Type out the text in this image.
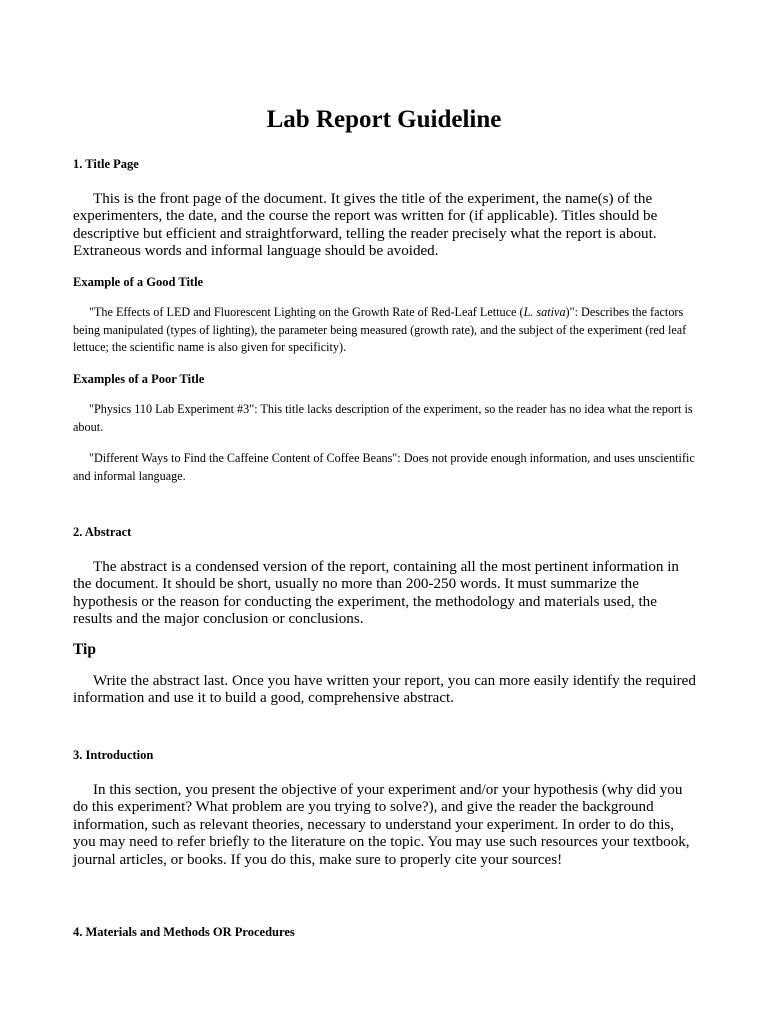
Lab Report Guideline
1. Title Page

This is the front page of the document. It gives the title of the experiment, the name(s) of the experimenters, the date, and the course the report was written for (if applicable). Titles should be descriptive but efficient and straightforward, telling the reader precisely what the report is about. Extraneous words and informal language should be avoided.

Example of a Good Title

"The Effects of LED and Fluorescent Lighting on the Growth Rate of Red-Leaf Lettuce (L. sativa)": Describes the factors being manipulated (types of lighting), the parameter being measured (growth rate), and the subject of the experiment (red leaf lettuce; the scientific name is also given for specificity).

Examples of a Poor Title

"Physics 110 Lab Experiment #3": This title lacks description of the experiment, so the reader has no idea what the report is about.

"Different Ways to Find the Caffeine Content of Coffee Beans": Does not provide enough information, and uses unscientific and informal language.

2. Abstract

The abstract is a condensed version of the report, containing all the most pertinent information in the document. It should be short, usually no more than 200-250 words. It must summarize the hypothesis or the reason for conducting the experiment, the methodology and materials used, the results and the major conclusion or conclusions.

Tip

Write the abstract last. Once you have written your report, you can more easily identify the required information and use it to build a good, comprehensive abstract.

3. Introduction

In this section, you present the objective of your experiment and/or your hypothesis (why did you do this experiment? What problem are you trying to solve?), and give the reader the background information, such as relevant theories, necessary to understand your experiment. In order to do this, you may need to refer briefly to the literature on the topic. You may use such resources your textbook, journal articles, or books. If you do this, make sure to properly cite your sources!

4. Materials and Methods OR Procedures
